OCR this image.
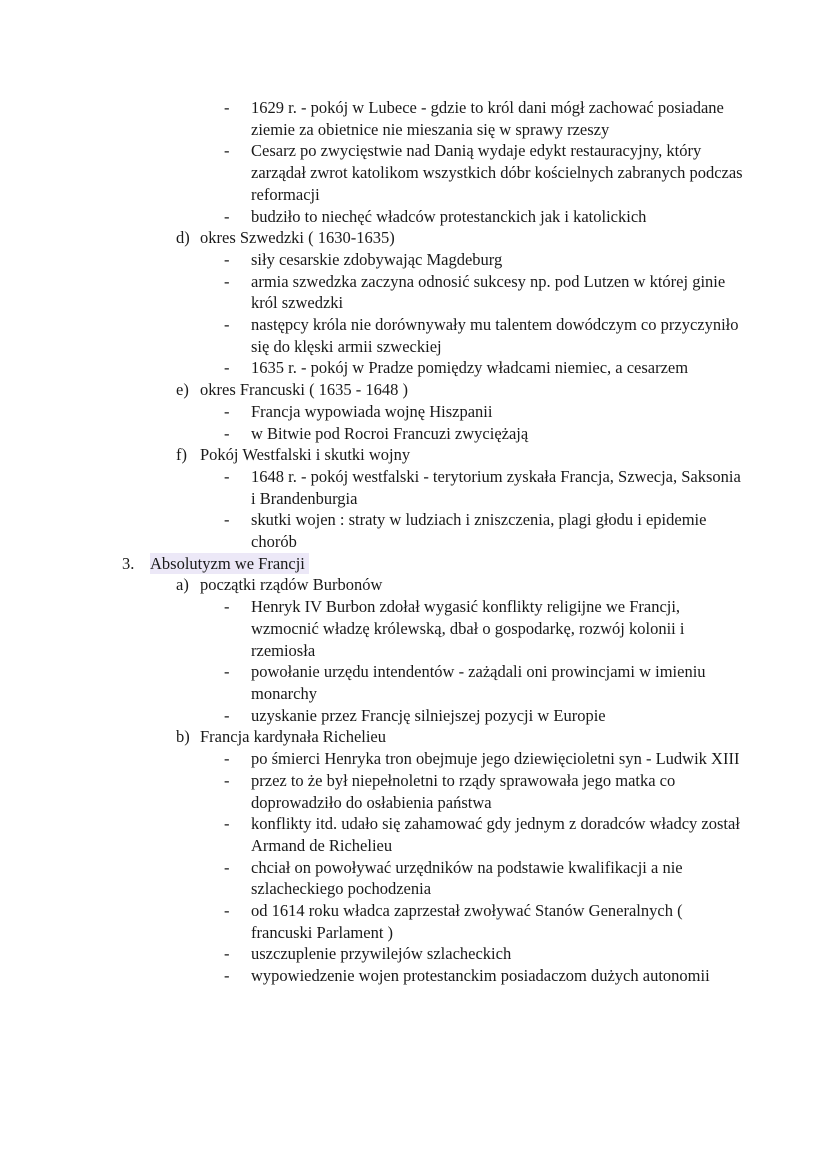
-	1629 r. - pokój w Lubece - gdzie to król dani mógł zachować posiadane ziemie za obietnice nie mieszania się w sprawy rzeszy
-	Cesarz po zwycięstwie nad Danią wydaje edykt restauracyjny, który zarządał zwrot katolikom wszystkich dóbr kościelnych zabranych podczas reformacji
-	budziło to niechęć władców protestanckich jak i katolickich
d) okres Szwedzki ( 1630-1635)
-	siły cesarskie zdobywając Magdeburg
-	armia szwedzka zaczyna odnosić sukcesy np. pod Lutzen w której ginie król szwedzki
-	następcy króla nie dorównywały mu talentem dowódczym co przyczyniło się do klęski armii szweckiej
-	1635 r. - pokój w Pradze pomiędzy władcami niemiec, a cesarzem
e) okres Francuski ( 1635 - 1648 )
-	Francja wypowiada wojnę Hiszpanii
-	w Bitwie pod Rocroi Francuzi zwyciężają
f) Pokój Westfalski i skutki wojny
-	1648 r. - pokój westfalski - terytorium zyskała Francja, Szwecja, Saksonia i Brandenburgia
-	skutki wojen : straty w ludziach i zniszczenia, plagi głodu i epidemie chorób
3. Absolutyzm we Francji
a) początki rządów Burbonów
-	Henryk IV Burbon zdołał wygasić konflikty religijne we Francji, wzmocnić władzę królewską, dbał o gospodarkę, rozwój kolonii i rzemiosła
-	powołanie urzędu intendentów - zażądali oni prowincjami w imieniu monarchy
-	uzyskanie przez Francję silniejszej pozycji w Europie
b) Francja kardynała Richelieu
-	po śmierci Henryka tron obejmuje jego dziewięcioletni syn - Ludwik XIII
-	przez to że był niepełnoletni to rządy sprawowała jego matka co doprowadziło do osłabienia państwa
-	konflikty itd. udało się zahamować gdy jednym z doradców władcy został Armand de Richelieu
-	chciał on powoływać urzędników na podstawie kwalifikacji a nie szlacheckiego pochodzenia
-	od 1614 roku władca zaprzestał zwoływać Stanów Generalnych ( francuski Parlament )
-	uszczuplenie przywilejów szlacheckich
-	wypowiedzenie wojen protestanckim posiadaczom dużych autonomii
